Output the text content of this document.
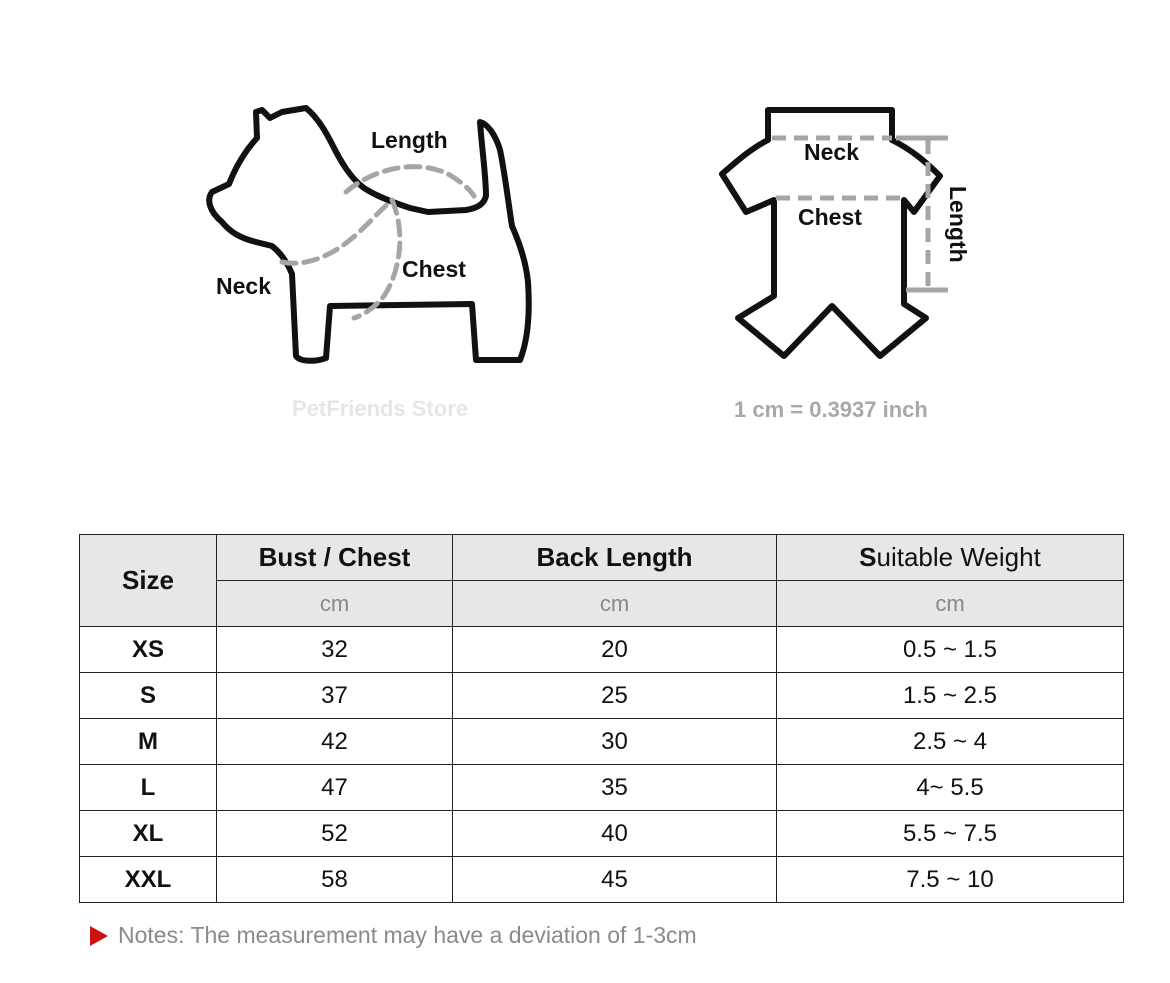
Length
Neck
Chest
Neck
Chest	Length
PetFriends Store	1 cm = 0.3937 inch
Size	Bust / Chest	Back Length	Suitable Weight
	cm	cm	cm
XS	32	20	0.5 ~ 1.5
S	37	25	1.5 ~ 2.5
M	42	30	2.5 ~ 4
L	47	35	4~ 5.5
XL	52	40	5.5 ~ 7.5
XXL	58	45	7.5 ~ 10
Notes: The measurement may have a deviation of 1-3cm
